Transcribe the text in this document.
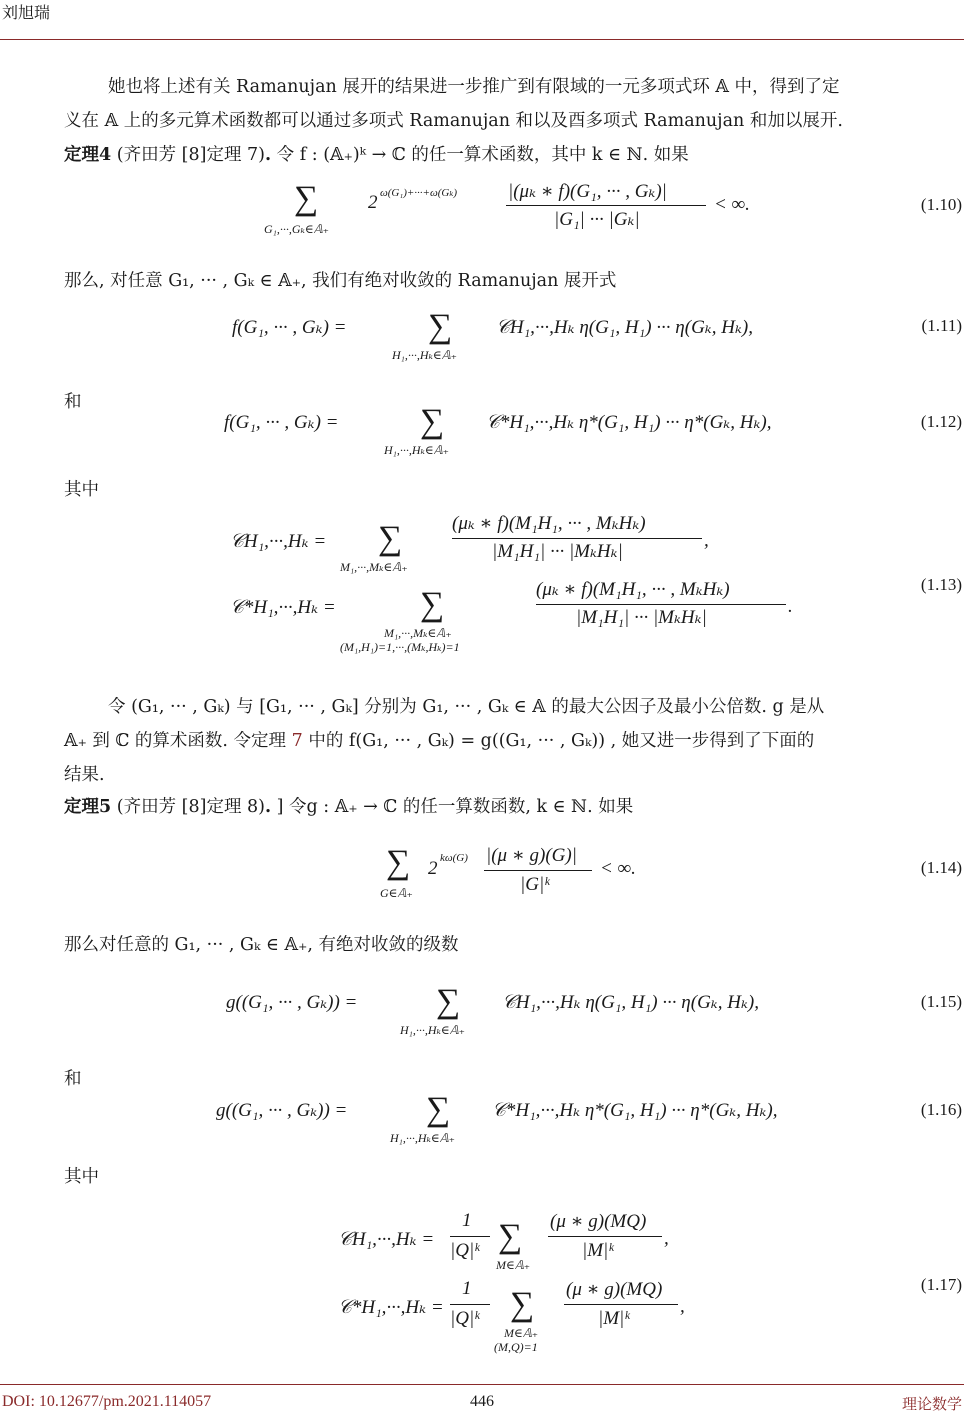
刘旭瑞
她也将上述有关 Ramanujan 展开的结果进一步推广到有限域的一元多项式环 𝔸 中，得到了定
义在 𝔸 上的多元算术函数都可以通过多项式 Ramanujan 和以及酉多项式 Ramanujan 和加以展开.
定理4 (齐田芳 [8]定理 7). 令 f : (𝔸₊)ᵏ → ℂ 的任一算术函数，其中 k ∈ ℕ. 如果
∑
G₁,···,Gₖ∈𝔸₊
2 ω(G₁)+···+ω(Gₖ)	|(μₖ ∗ f)(G₁, ··· , Gₖ)|
|G₁| ··· |Gₖ|
< ∞.	(1.10)
那么, 对任意 G₁, ··· , Gₖ ∈ 𝔸₊, 我们有绝对收敛的 Ramanujan 展开式
f(G₁, ··· , Gₖ) = ∑
H₁,···,Hₖ∈𝔸₊
𝒞H₁,···,Hₖ η(G₁, H₁) ··· η(Gₖ, Hₖ),	(1.11)
和
f(G₁, ··· , Gₖ) = ∑
H₁,···,Hₖ∈𝔸₊
𝒞*H₁,···,Hₖ η*(G₁, H₁) ··· η*(Gₖ, Hₖ),	(1.12)
其中
𝒞H₁,···,Hₖ = ∑
M₁,···,Mₖ∈𝔸₊
(μₖ ∗ f)(M₁H₁, ··· , MₖHₖ)
|M₁H₁| ··· |MₖHₖ|
,
𝒞*H₁,···,Hₖ = ∑
M₁,···,Mₖ∈𝔸₊
(M₁,H₁)=1,···,(Mₖ,Hₖ)=1
(μₖ ∗ f)(M₁H₁, ··· , MₖHₖ)
|M₁H₁| ··· |MₖHₖ|
.
(1.13)
令 (G₁, ··· , Gₖ) 与 [G₁, ··· , Gₖ] 分别为 G₁, ··· , Gₖ ∈ 𝔸 的最大公因子及最小公倍数. g 是从
𝔸₊ 到 ℂ 的算术函数. 令定理 7 中的 f(G₁, ··· , Gₖ) = g((G₁, ··· , Gₖ)) , 她又进一步得到了下面的
结果.
定理5 (齐田芳 [8]定理 8). ] 令g : 𝔸₊ → ℂ 的任一算数函数, k ∈ ℕ. 如果
∑
G∈𝔸₊
2 kω(G) |(μ ∗ g)(G)|
|G|ᵏ
< ∞.	(1.14)
那么对任意的 G₁, ··· , Gₖ ∈ 𝔸₊, 有绝对收敛的级数
g((G₁, ··· , Gₖ)) = ∑
H₁,···,Hₖ∈𝔸₊
𝒞H₁,···,Hₖ η(G₁, H₁) ··· η(Gₖ, Hₖ),	(1.15)
和
g((G₁, ··· , Gₖ)) = ∑
H₁,···,Hₖ∈𝔸₊
𝒞*H₁,···,Hₖ η*(G₁, H₁) ··· η*(Gₖ, Hₖ),	(1.16)
其中
𝒞H₁,···,Hₖ =
1
|Q|ᵏ ∑
M∈𝔸₊
(μ ∗ g)(MQ)
|M|ᵏ
,
𝒞*H₁,···,Hₖ =
1
|Q|ᵏ ∑
M∈𝔸₊
(M,Q)=1
(μ ∗ g)(MQ)
|M|ᵏ
,
(1.17)
DOI: 10.12677/pm.2021.114057	446	理论数学
